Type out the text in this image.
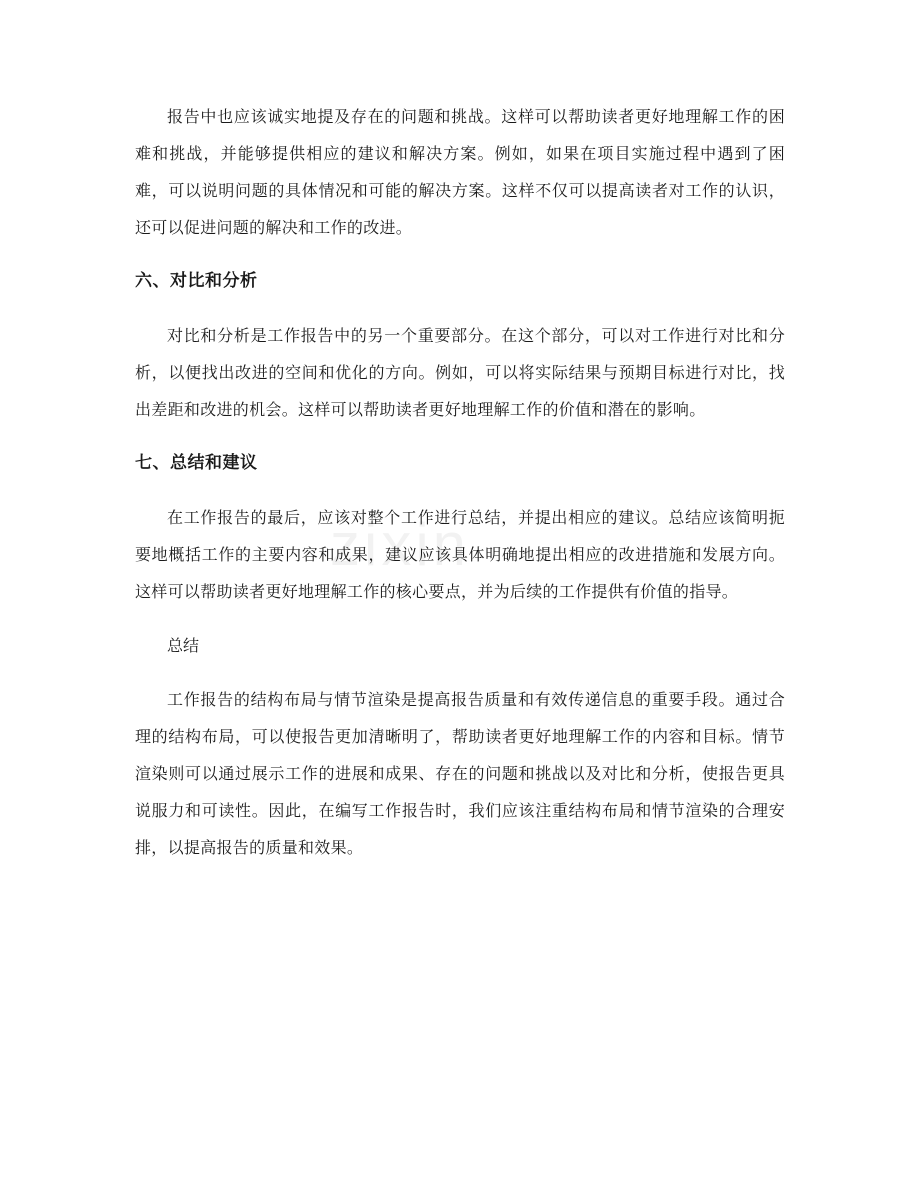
zixin

报告中也应该诚实地提及存在的问题和挑战。这样可以帮助读者更好地理解工作的困难和挑战，并能够提供相应的建议和解决方案。例如，如果在项目实施过程中遇到了困难，可以说明问题的具体情况和可能的解决方案。这样不仅可以提高读者对工作的认识，还可以促进问题的解决和工作的改进。

六、对比和分析

对比和分析是工作报告中的另一个重要部分。在这个部分，可以对工作进行对比和分析，以便找出改进的空间和优化的方向。例如，可以将实际结果与预期目标进行对比，找出差距和改进的机会。这样可以帮助读者更好地理解工作的价值和潜在的影响。

七、总结和建议

在工作报告的最后，应该对整个工作进行总结，并提出相应的建议。总结应该简明扼要地概括工作的主要内容和成果，建议应该具体明确地提出相应的改进措施和发展方向。这样可以帮助读者更好地理解工作的核心要点，并为后续的工作提供有价值的指导。

总结

工作报告的结构布局与情节渲染是提高报告质量和有效传递信息的重要手段。通过合理的结构布局，可以使报告更加清晰明了，帮助读者更好地理解工作的内容和目标。情节渲染则可以通过展示工作的进展和成果、存在的问题和挑战以及对比和分析，使报告更具说服力和可读性。因此，在编写工作报告时，我们应该注重结构布局和情节渲染的合理安排，以提高报告的质量和效果。
